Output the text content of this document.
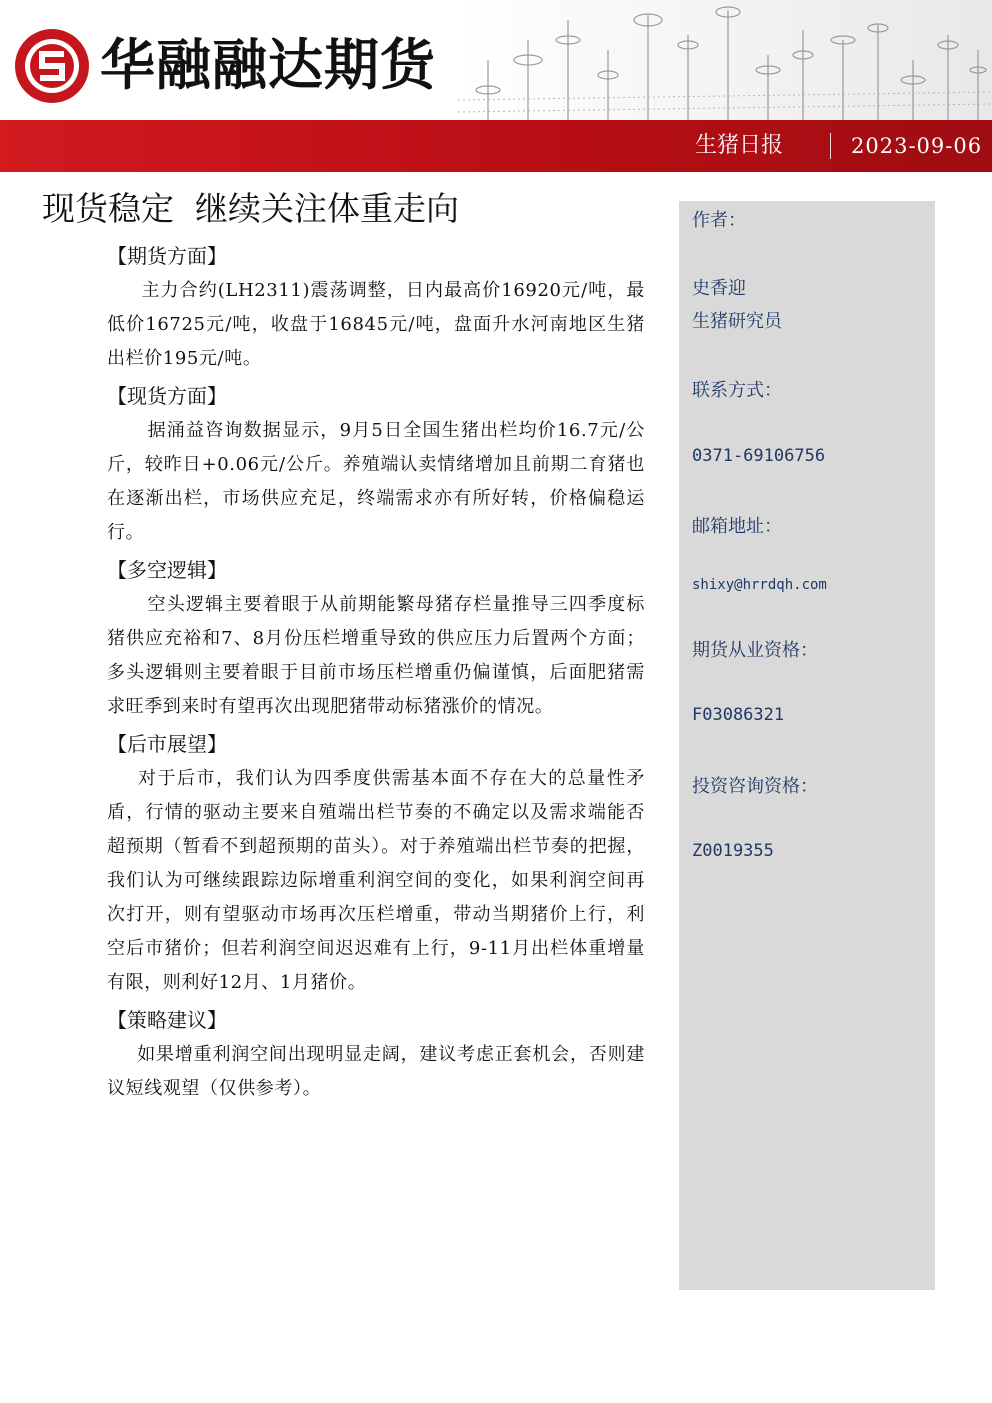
华融融达期货
生猪日报	2023-09-06
现货稳定  继续关注体重走向
【期货方面】

主力合约(LH2311)震荡调整，日内最高价16920元/吨，最低价16725元/吨，收盘于16845元/吨，盘面升水河南地区生猪出栏价195元/吨。

【现货方面】

据涌益咨询数据显示，9月5日全国生猪出栏均价16.7元/公斤，较昨日+0.06元/公斤。养殖端认卖情绪增加且前期二育猪也在逐渐出栏，市场供应充足，终端需求亦有所好转，价格偏稳运行。

【多空逻辑】

空头逻辑主要着眼于从前期能繁母猪存栏量推导三四季度标猪供应充裕和7、8月份压栏增重导致的供应压力后置两个方面；多头逻辑则主要着眼于目前市场压栏增重仍偏谨慎，后面肥猪需求旺季到来时有望再次出现肥猪带动标猪涨价的情况。

【后市展望】

对于后市，我们认为四季度供需基本面不存在大的总量性矛盾，行情的驱动主要来自殖端出栏节奏的不确定以及需求端能否超预期（暂看不到超预期的苗头）。对于养殖端出栏节奏的把握，我们认为可继续跟踪边际增重利润空间的变化，如果利润空间再次打开，则有望驱动市场再次压栏增重，带动当期猪价上行，利空后市猪价；但若利润空间迟迟难有上行，9-11月出栏体重增量有限，则利好12月、1月猪价。

【策略建议】

如果增重利润空间出现明显走阔，建议考虑正套机会，否则建议短线观望（仅供参考）。

作者：
史香迎
生猪研究员
联系方式：
0371-69106756
邮箱地址：
shixy@hrrdqh.com
期货从业资格：
F03086321
投资咨询资格：
Z0019355
